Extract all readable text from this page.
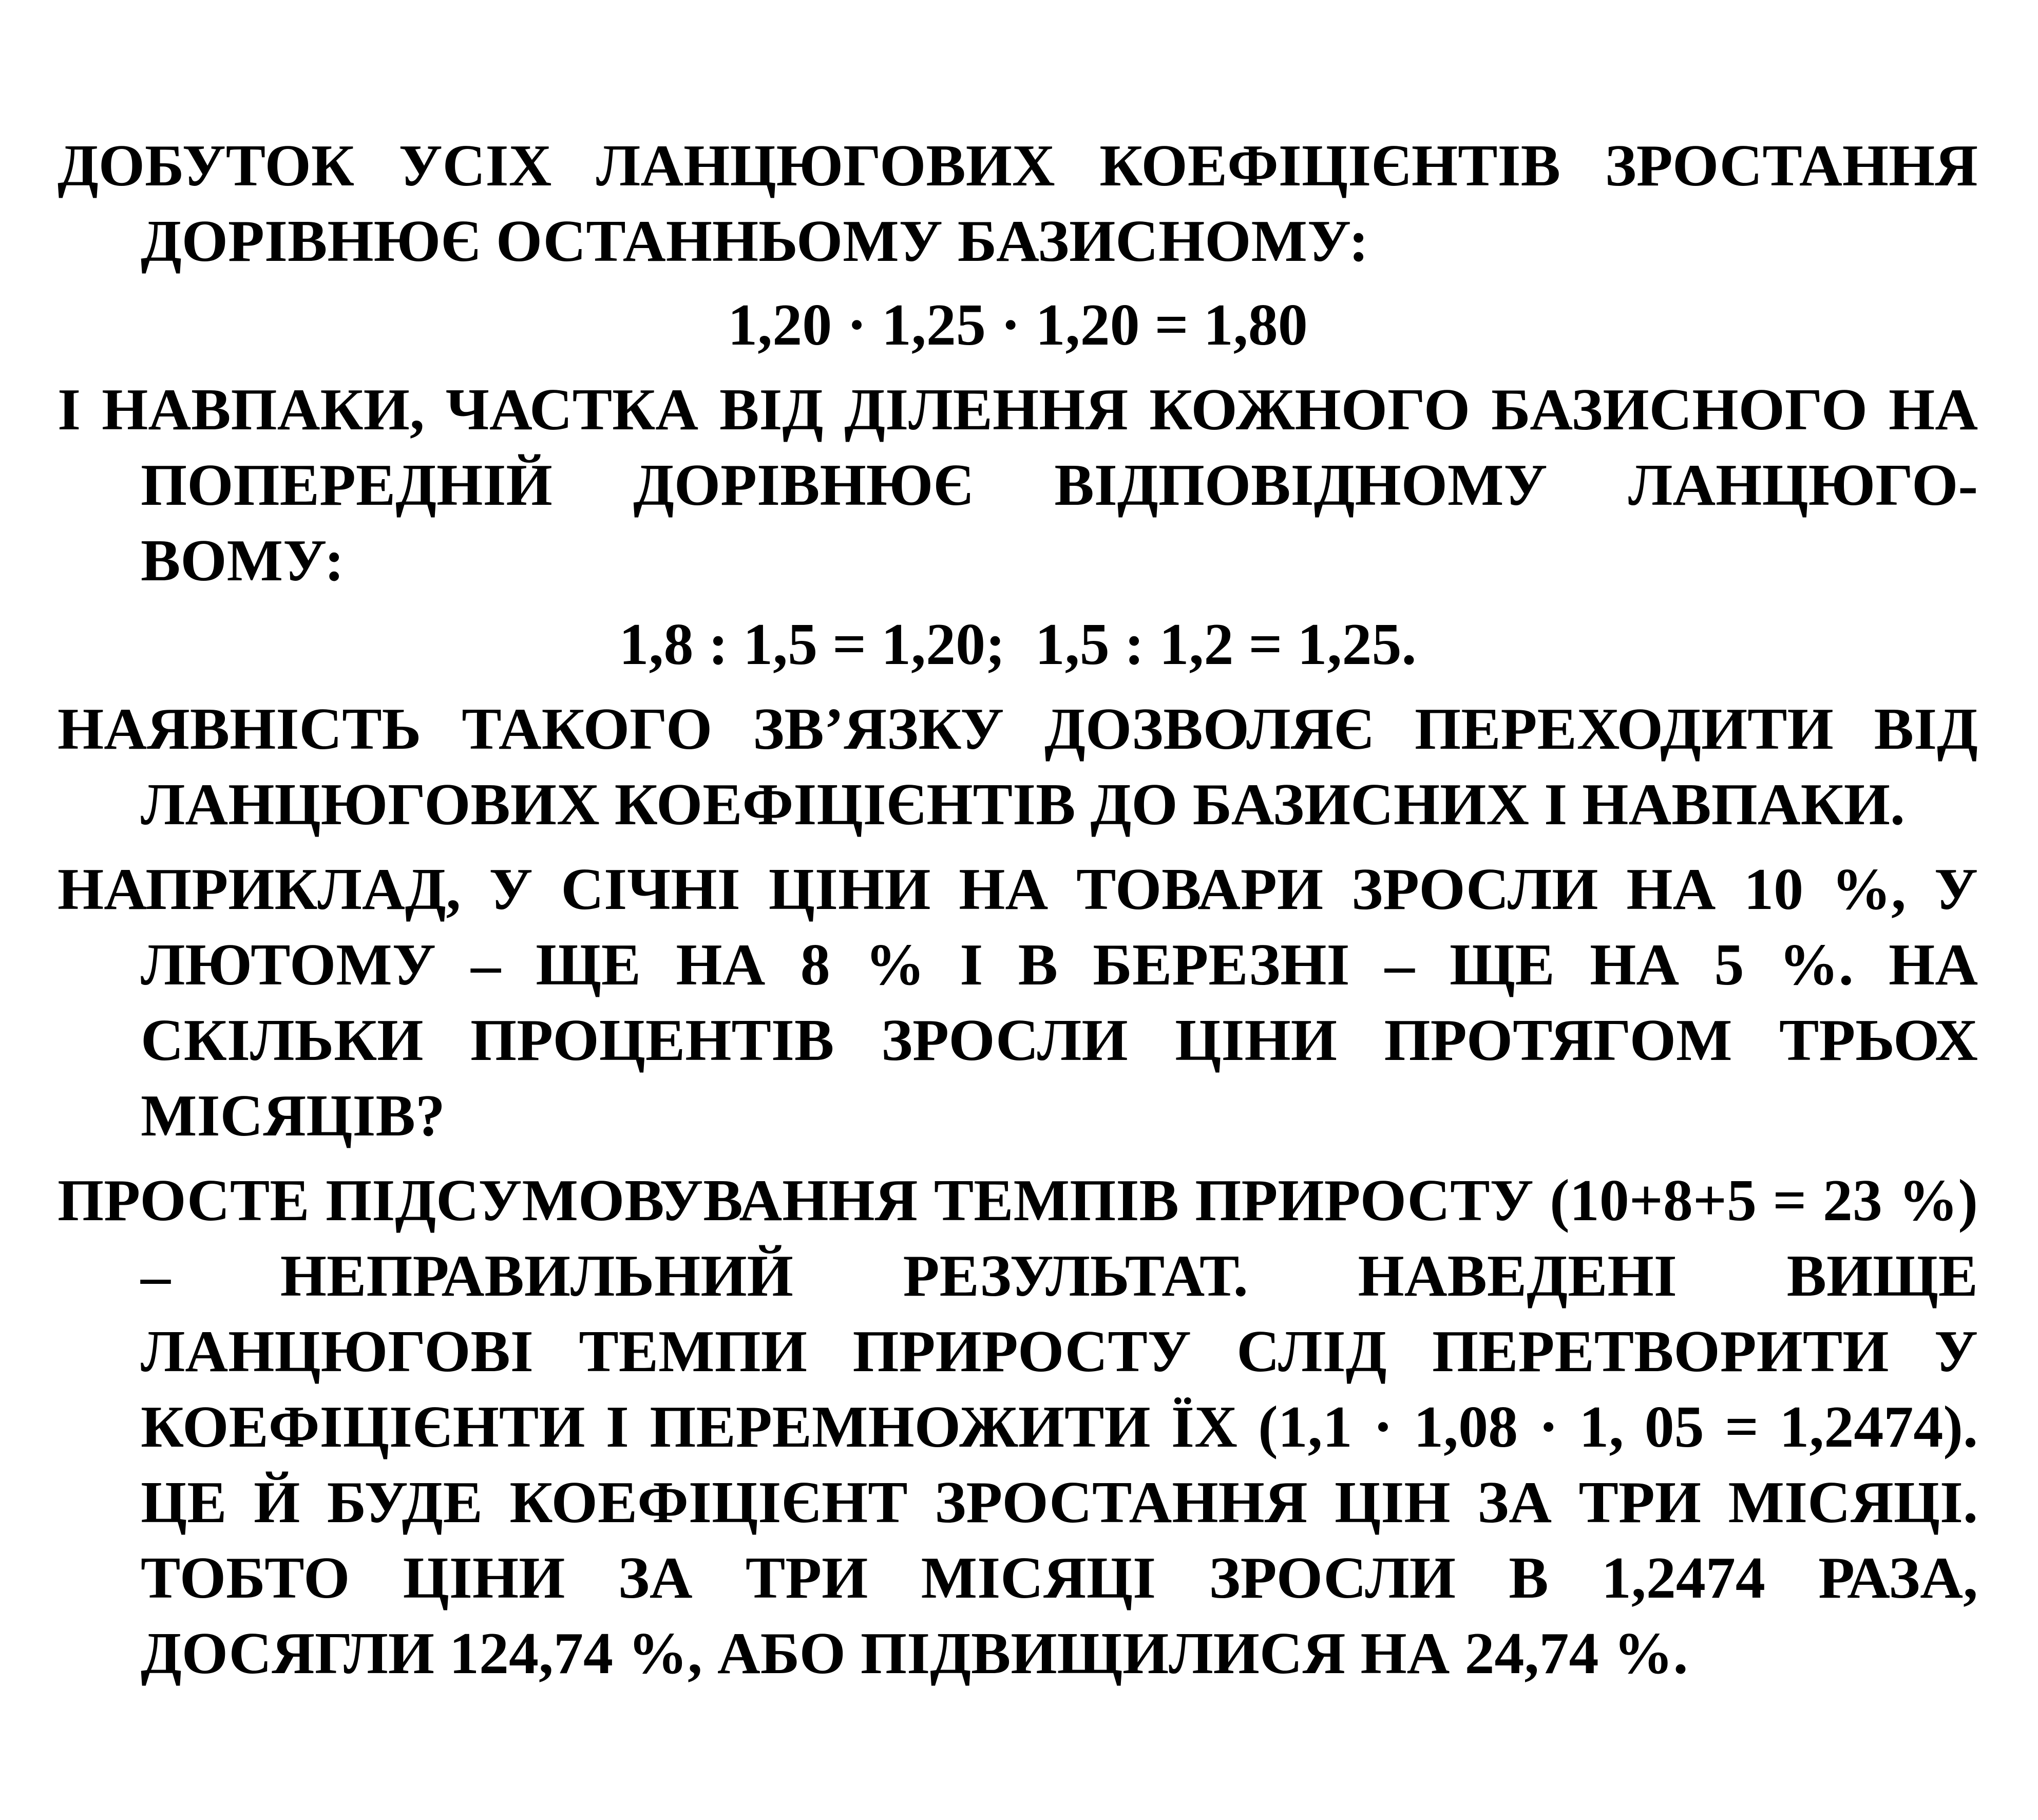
ДОБУТОК УСІХ ЛАНЦЮГОВИХ КОЕФІЦІЄНТІВ ЗРОСТАННЯ ДОРІВНЮЄ ОСТАННЬОМУ БАЗИСНОМУ:

1,20 · 1,25 · 1,20 = 1,80

І НАВПАКИ, ЧАСТКА ВІД ДІЛЕННЯ КОЖНОГО БАЗИСНОГО НА ПОПЕРЕДНІЙ ДОРІВНЮЄ ВІДПОВІДНОМУ ЛАНЦЮГО-ВОМУ:

1,8 : 1,5 = 1,20;  1,5 : 1,2 = 1,25.

НАЯВНІСТЬ ТАКОГО ЗВ’ЯЗКУ ДОЗВОЛЯЄ ПЕРЕХОДИТИ ВІД ЛАНЦЮГОВИХ КОЕФІЦІЄНТІВ ДО БАЗИСНИХ І НАВПАКИ.

НАПРИКЛАД, У СІЧНІ ЦІНИ НА ТОВАРИ ЗРОСЛИ НА 10 %, У ЛЮТОМУ – ЩЕ НА 8 % І В БЕРЕЗНІ – ЩЕ НА 5 %. НА СКІЛЬКИ ПРОЦЕНТІВ ЗРОСЛИ ЦІНИ ПРОТЯГОМ ТРЬОХ МІСЯЦІВ?

ПРОСТЕ ПІДСУМОВУВАННЯ ТЕМПІВ ПРИРОСТУ (10+8+5 = 23 %) – НЕПРАВИЛЬНИЙ РЕЗУЛЬТАТ. НАВЕДЕНІ ВИЩЕ ЛАНЦЮГОВІ ТЕМПИ ПРИРОСТУ СЛІД ПЕРЕТВОРИТИ У КОЕФІЦІЄНТИ І ПЕРЕМНОЖИТИ ЇХ (1,1 · 1,08 · 1, 05 = 1,2474). ЦЕ Й БУДЕ КОЕФІЦІЄНТ ЗРОСТАННЯ ЦІН ЗА ТРИ МІСЯЦІ. ТОБТО ЦІНИ ЗА ТРИ МІСЯЦІ ЗРОСЛИ В 1,2474 РАЗА, ДОСЯГЛИ 124,74 %, АБО ПІДВИЩИЛИСЯ НА 24,74 %.
